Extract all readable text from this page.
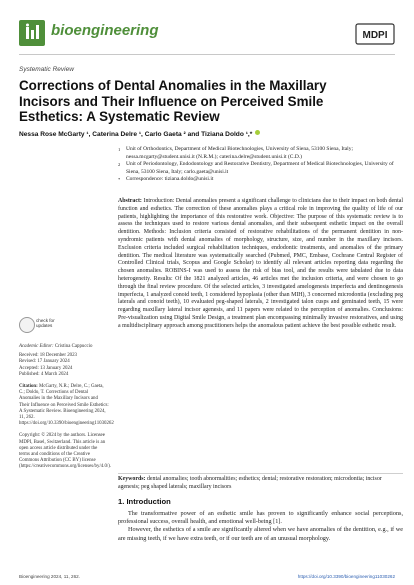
bioengineering	MDPI
Systematic Review
Corrections of Dental Anomalies in the Maxillary Incisors and Their Influence on Perceived Smile Esthetics: A Systematic Review
Nessa Rose McGarty ¹, Caterina Delre ¹, Carlo Gaeta ² and Tiziana Doldo ¹,*
1 Unit of Orthodontics, Department of Medical Biotechnologies, University of Siena, 53100 Siena, Italy; nessa.mcgarty@student.unisi.it (N.R.M.); caterina.delre@student.unisi.it (C.D.)
2 Unit of Periodontology, Endodontology and Restorative Dentistry, Department of Medical Biotechnologies, University of Siena, 53100 Siena, Italy; carlo.gaeta@unisi.it
* Correspondence: tiziana.doldo@unisi.it
Abstract: Introduction: Dental anomalies present a significant challenge to clinicians due to their impact on both dental function and esthetics. The correction of these anomalies plays a critical role in improving the quality of life of our patients, highlighting the importance of this restorative work. Objective: The purpose of this systematic review is to assess the techniques used to restore various dental anomalies, and their subsequent esthetic impact on the overall dentition. Methods: Inclusion criteria consisted of restorative rehabilitations of the permanent dentition in non-syndromic patients with dental anomalies of morphology, structure, size, and number in the maxillary incisors. Exclusion criteria included surgical rehabilitation techniques, endodontic treatments, and anomalies of the primary dentition. The medical literature was systematically searched (Pubmed, PMC, Embase, Cochrane Central Register of Controlled Clinical trials, Scopus and Google Scholar) to identify all relevant articles reporting data regarding the chosen anomalies. ROBINS-I was used to assess the risk of bias tool, and the results were tabulated due to data heterogeneity. Results: Of the 1821 analyzed articles, 46 articles met the inclusion criteria, and were chosen to go through the final review procedure. Of the selected articles, 3 investigated amelogenesis imperfecta and dentinogenesis imperfecta, 1 analyzed conoid teeth, 1 considered hypoplasia (other than MIH), 3 concerned microdontia (excluding peg laterals and conoid teeth), 10 evaluated peg-shaped laterals, 2 investigated talon cusps and geminated teeth, 15 were regarding maxillary lateral incisor agenesis, and 11 papers were related to the perception of anomalies. Conclusions: Pre-visualization using Digital Smile Design, a treatment plan encompassing minimally invasive restoratives, and using a multidisciplinary approach among practitioners helps the anomalous patient achieve the best possible esthetic result.
check for updates

Academic Editor: Cristina Cappuccio

Received: 18 December 2023

Revised: 17 January 2024

Accepted: 13 January 2024

Published: 4 March 2024

Citation: McGarty, N.R.; Delre, C.; Gaeta, C.; Doldo, T. Corrections of Dental Anomalies in the Maxillary Incisors and Their Influence on Perceived Smile Esthetics: A Systematic Review. Bioengineering 2024, 11, 262. https://doi.org/10.3390/bioengineering11030262

Copyright: © 2024 by the authors. Licensee MDPI, Basel, Switzerland. This article is an open access article distributed under the terms and conditions of the Creative Commons Attribution (CC BY) license (https://creativecommons.org/licenses/by/4.0/).

Keywords: dental anomalies; tooth abnormalities; esthetics; dental; restorative restoration; microdontia; incisor agenesis; peg shaped laterals; maxillary incisors
1. Introduction

The transformative power of an esthetic smile has proven to significantly enhance social perceptions, professional success, overall health, and emotional well-being [1].

However, the esthetics of a smile are significantly altered when we have anomalies of the dentition, e.g., if we are missing teeth, if we have extra teeth, or if our teeth are of an unusual morphology.

Bioengineering 2024, 11, 262.	https://doi.org/10.3390/bioengineering11030262
